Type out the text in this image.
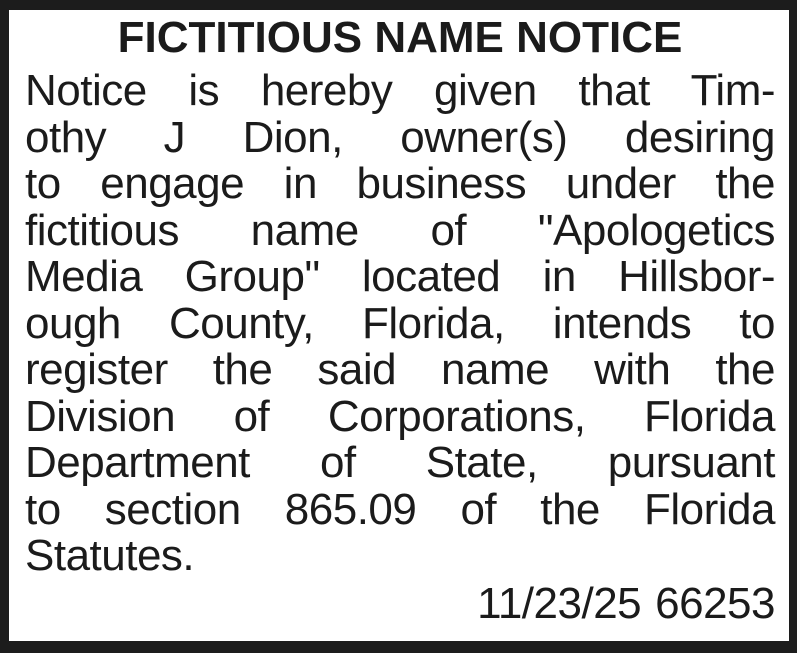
FICTITIOUS NAME NOTICE
Notice is hereby given that Tim-
othy J Dion, owner(s) desiring
to engage in business under the
fictitious name of "Apologetics
Media Group" located in Hillsbor-
ough County, Florida, intends to
register the said name with the
Division of Corporations, Florida
Department of State, pursuant
to section 865.09 of the Florida
Statutes.
11/23/25 66253
